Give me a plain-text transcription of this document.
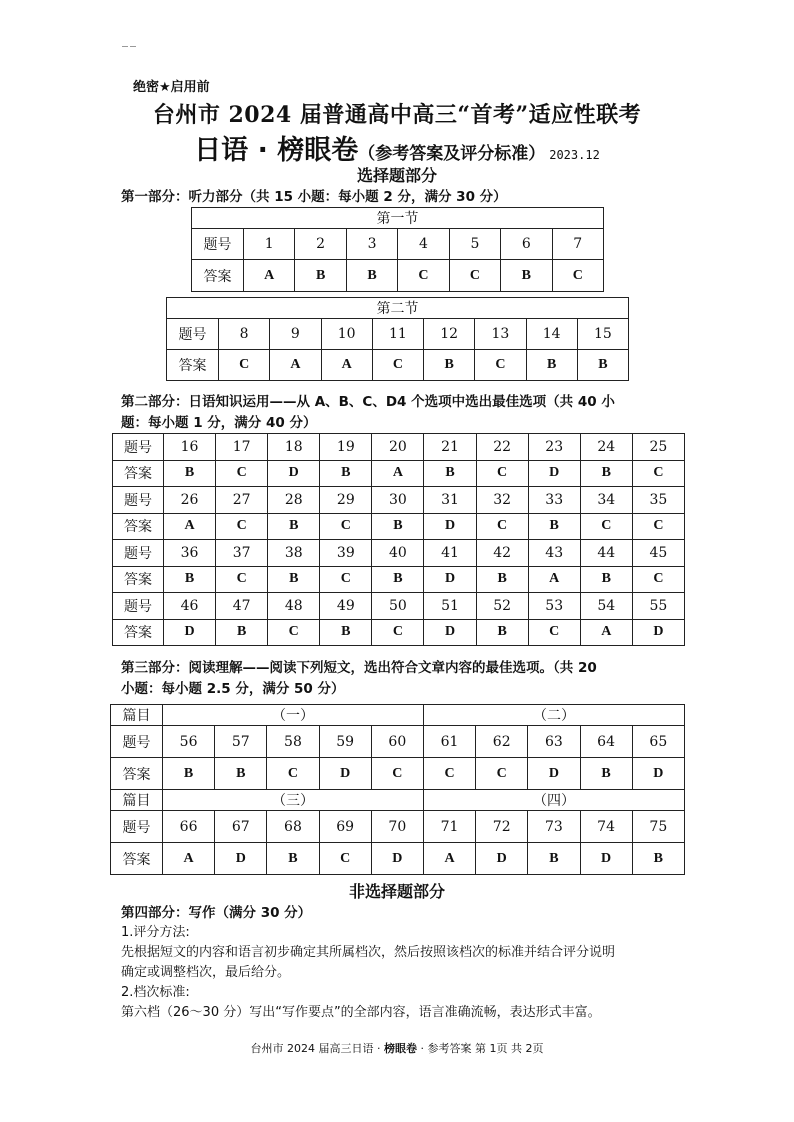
绝密★启用前
台州市 2024 届普通高中高三“首考”适应性联考
日语 · 榜眼卷（参考答案及评分标准） 2023.12
选择题部分
第一部分：听力部分（共 15 小题：每小题 2 分，满分 30 分）
第一节							
题号	1	2	3	4	5	6	7
答案	A	B	B	C	C	B	C
第二节								
题号	8	9	10	11	12	13	14	15
答案	C	A	A	C	B	C	B	B
第二部分：日语知识运用——从 A、B、C、D4 个选项中选出最佳选项（共 40 小
题：每小题 1 分，满分 40 分）
题号	16	17	18	19	20	21	22	23	24	25
答案	B	C	D	B	A	B	C	D	B	C
题号	26	27	28	29	30	31	32	33	34	35
答案	A	C	B	C	B	D	C	B	C	C
题号	36	37	38	39	40	41	42	43	44	45
答案	B	C	B	C	B	D	B	A	B	C
题号	46	47	48	49	50	51	52	53	54	55
答案	D	B	C	B	C	D	B	C	A	D
第三部分：阅读理解——阅读下列短文，选出符合文章内容的最佳选项。（共 20
小题：每小题 2.5 分，满分 50 分）
篇目	（一）					（二）				
题号	56	57	58	59	60	61	62	63	64	65
答案	B	B	C	D	C	C	C	D	B	D
篇目	（三）					（四）				
题号	66	67	68	69	70	71	72	73	74	75
答案	A	D	B	C	D	A	D	B	D	B
非选择题部分
第四部分：写作（满分 30 分）
1.评分方法:
先根据短文的内容和语言初步确定其所属档次，然后按照该档次的标准并结合评分说明
确定或调整档次，最后给分。
2.档次标准:
第六档（26～30 分）写出“写作要点”的全部内容，语言准确流畅，表达形式丰富。
台州市 2024 届高三日语 · 榜眼卷 · 参考答案 第 1页 共 2页
